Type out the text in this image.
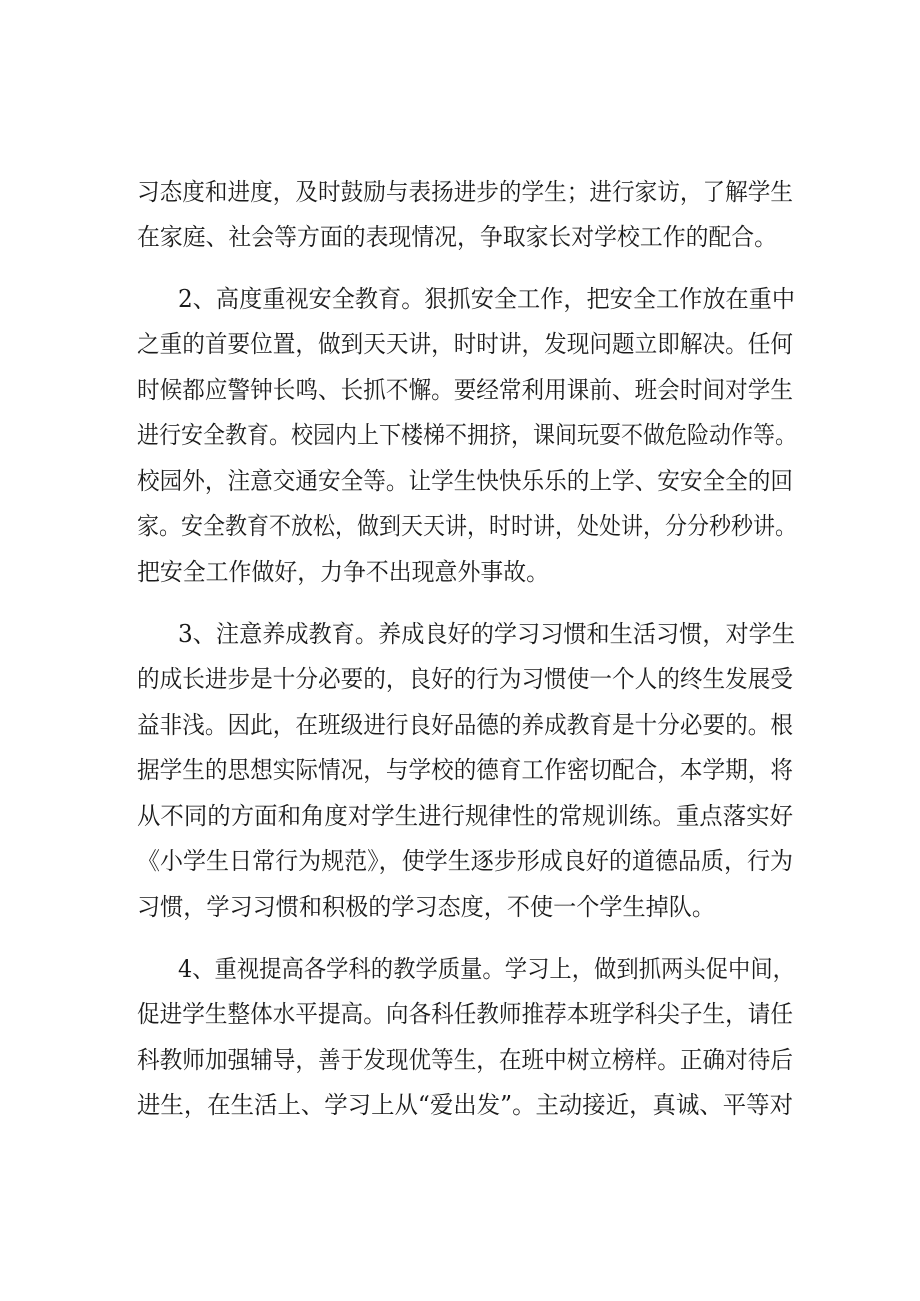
习态度和进度，及时鼓励与表扬进步的学生；进行家访，了解学生
在家庭、社会等方面的表现情况，争取家长对学校工作的配合。
2、高度重视安全教育。狠抓安全工作，把安全工作放在重中
之重的首要位置，做到天天讲，时时讲，发现问题立即解决。任何
时候都应警钟长鸣、长抓不懈。要经常利用课前、班会时间对学生
进行安全教育。校园内上下楼梯不拥挤，课间玩耍不做危险动作等。
校园外，注意交通安全等。让学生快快乐乐的上学、安安全全的回
家。安全教育不放松，做到天天讲，时时讲，处处讲，分分秒秒讲。
把安全工作做好，力争不出现意外事故。
3、注意养成教育。养成良好的学习习惯和生活习惯，对学生
的成长进步是十分必要的，良好的行为习惯使一个人的终生发展受
益非浅。因此，在班级进行良好品德的养成教育是十分必要的。根
据学生的思想实际情况，与学校的德育工作密切配合，本学期，将
从不同的方面和角度对学生进行规律性的常规训练。重点落实好
《小学生日常行为规范》，使学生逐步形成良好的道德品质，行为
习惯，学习习惯和积极的学习态度，不使一个学生掉队。
4、重视提高各学科的教学质量。学习上，做到抓两头促中间，
促进学生整体水平提高。向各科任教师推荐本班学科尖子生，请任
科教师加强辅导，善于发现优等生，在班中树立榜样。正确对待后
进生，在生活上、学习上从“爱出发”。主动接近，真诚、平等对
